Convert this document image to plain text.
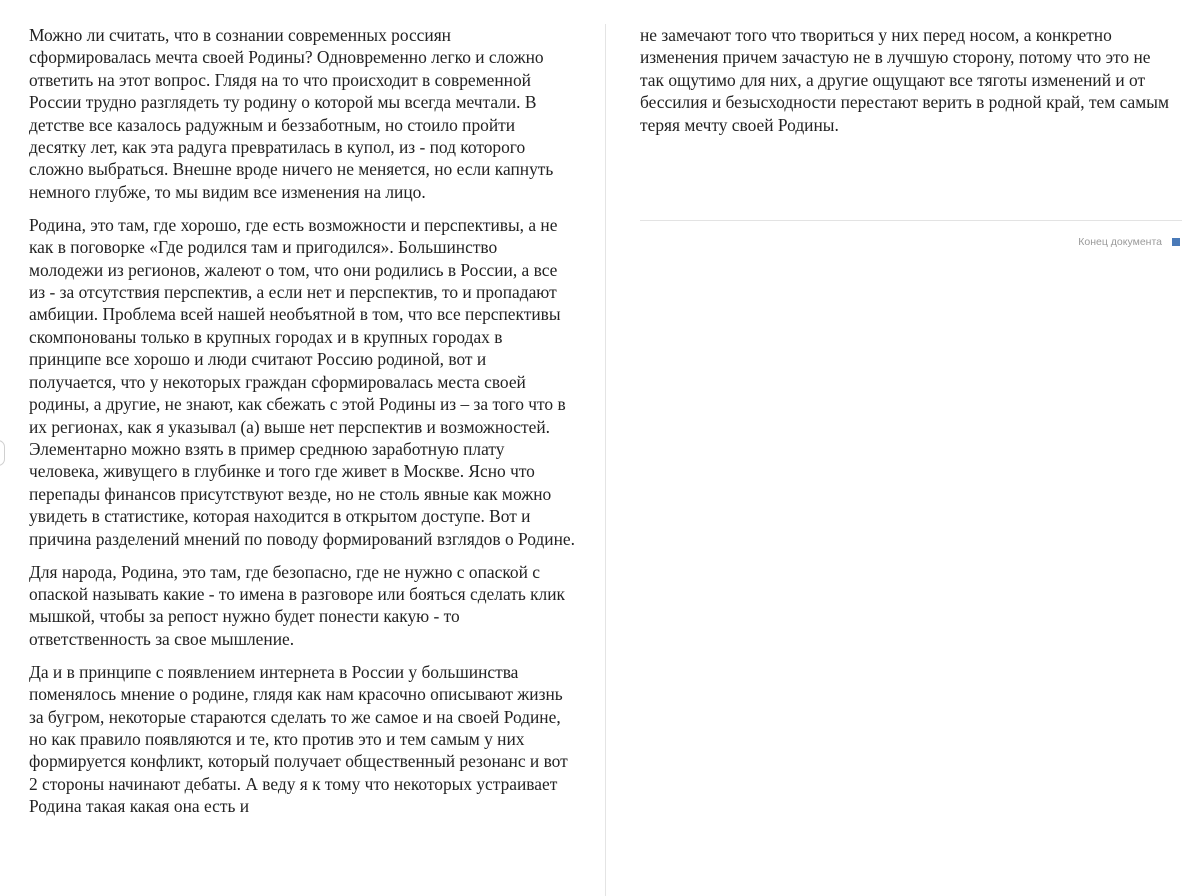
Можно ли считать, что в сознании современных россиян сформировалась мечта своей Родины? Одновременно легко и сложно ответить на этот вопрос. Глядя на то что происходит в современной России трудно разглядеть ту родину о которой мы всегда мечтали. В детстве все казалось радужным и беззаботным, но стоило пройти десятку лет, как эта радуга превратилась в купол, из - под которого сложно выбраться. Внешне вроде ничего не меняется, но если капнуть немного глубже, то мы видим все изменения на лицо.

Родина, это там, где хорошо, где есть возможности и перспективы, а не как в поговорке «Где родился там и пригодился». Большинство молодежи из регионов, жалеют о том, что они родились в России, а все из - за отсутствия перспектив, а если нет и перспектив, то и пропадают амбиции. Проблема всей нашей необъятной в том, что все перспективы скомпонованы только в крупных городах и в крупных городах в принципе все хорошо и люди считают Россию родиной, вот и получается, что у некоторых граждан сформировалась места своей родины, а другие, не знают, как сбежать с этой Родины из – за того что в их регионах, как я указывал (а) выше нет перспектив и возможностей. Элементарно можно взять в пример среднюю заработную плату человека, живущего в глубинке и того где живет в Москве. Ясно что перепады финансов присутствуют везде, но не столь явные как можно увидеть в статистике, которая находится в открытом доступе. Вот и причина разделений мнений по поводу формирований взглядов о Родине.

Для народа, Родина, это там, где безопасно, где не нужно с опаской с опаской называть какие - то имена в разговоре или бояться сделать клик мышкой, чтобы за репост нужно будет понести какую - то ответственность за свое мышление.

Да и в принципе с появлением интернета в России у большинства поменялось мнение о родине, глядя как нам красочно описывают жизнь за бугром, некоторые стараются сделать то же самое и на своей Родине, но как правило появляются и те, кто против это и тем самым у них формируется конфликт, который получает общественный резонанс и вот 2 стороны начинают дебаты. А веду я к тому что некоторых устраивает Родина такая какая она есть и

не замечают того что твориться у них перед носом, а конкретно изменения причем зачастую не в лучшую сторону, потому что это не так ощутимо для них, а другие ощущают все тяготы изменений и от бессилия и безысходности перестают верить в родной край, тем самым теряя мечту своей Родины.

Конец документа
